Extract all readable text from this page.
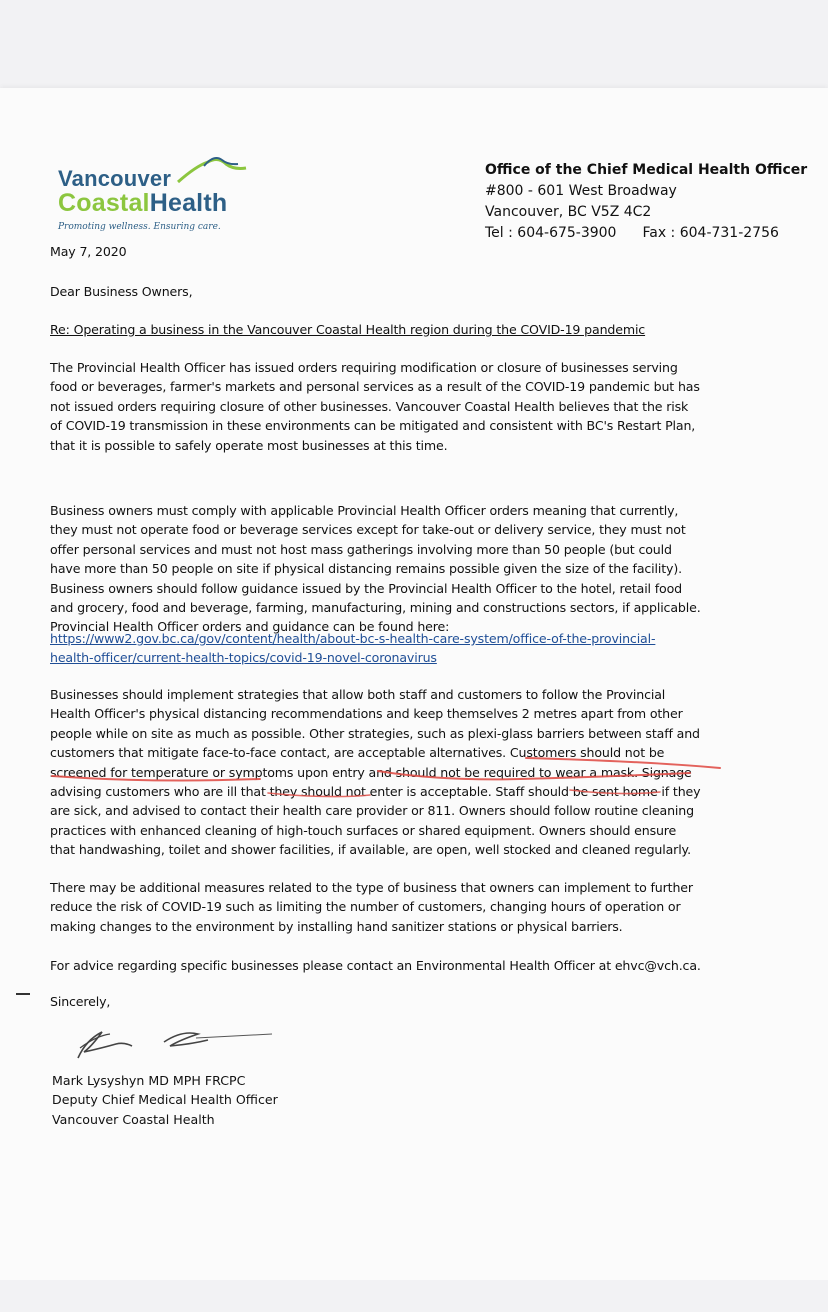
Vancouver
CoastalHealth
Promoting wellness. Ensuring care.
Office of the Chief Medical Health Officer
#800 - 601 West Broadway
Vancouver, BC V5Z 4C2
Tel : 604-675-3900 Fax : 604-731-2756
May 7, 2020
Dear Business Owners,
Re: Operating a business in the Vancouver Coastal Health region during the COVID-19 pandemic
The Provincial Health Officer has issued orders requiring modification or closure of businesses serving
food or beverages, farmer's markets and personal services as a result of the COVID-19 pandemic but has
not issued orders requiring closure of other businesses. Vancouver Coastal Health believes that the risk
of COVID-19 transmission in these environments can be mitigated and consistent with BC's Restart Plan,
that it is possible to safely operate most businesses at this time.
Business owners must comply with applicable Provincial Health Officer orders meaning that currently,
they must not operate food or beverage services except for take-out or delivery service, they must not
offer personal services and must not host mass gatherings involving more than 50 people (but could
have more than 50 people on site if physical distancing remains possible given the size of the facility).
Business owners should follow guidance issued by the Provincial Health Officer to the hotel, retail food
and grocery, food and beverage, farming, manufacturing, mining and constructions sectors, if applicable.
Provincial Health Officer orders and guidance can be found here:
https://www2.gov.bc.ca/gov/content/health/about-bc-s-health-care-system/office-of-the-provincial-
health-officer/current-health-topics/covid-19-novel-coronavirus
Businesses should implement strategies that allow both staff and customers to follow the Provincial
Health Officer's physical distancing recommendations and keep themselves 2 metres apart from other
people while on site as much as possible. Other strategies, such as plexi-glass barriers between staff and
customers that mitigate face-to-face contact, are acceptable alternatives. Customers should not be
screened for temperature or symptoms upon entry and should not be required to wear a mask. Signage
advising customers who are ill that they should not enter is acceptable. Staff should be sent home if they
are sick, and advised to contact their health care provider or 811. Owners should follow routine cleaning
practices with enhanced cleaning of high-touch surfaces or shared equipment. Owners should ensure
that handwashing, toilet and shower facilities, if available, are open, well stocked and cleaned regularly.
There may be additional measures related to the type of business that owners can implement to further
reduce the risk of COVID-19 such as limiting the number of customers, changing hours of operation or
making changes to the environment by installing hand sanitizer stations or physical barriers.
For advice regarding specific businesses please contact an Environmental Health Officer at ehvc@vch.ca.
Sincerely,
Mark Lysyshyn MD MPH FRCPC
Deputy Chief Medical Health Officer
Vancouver Coastal Health
